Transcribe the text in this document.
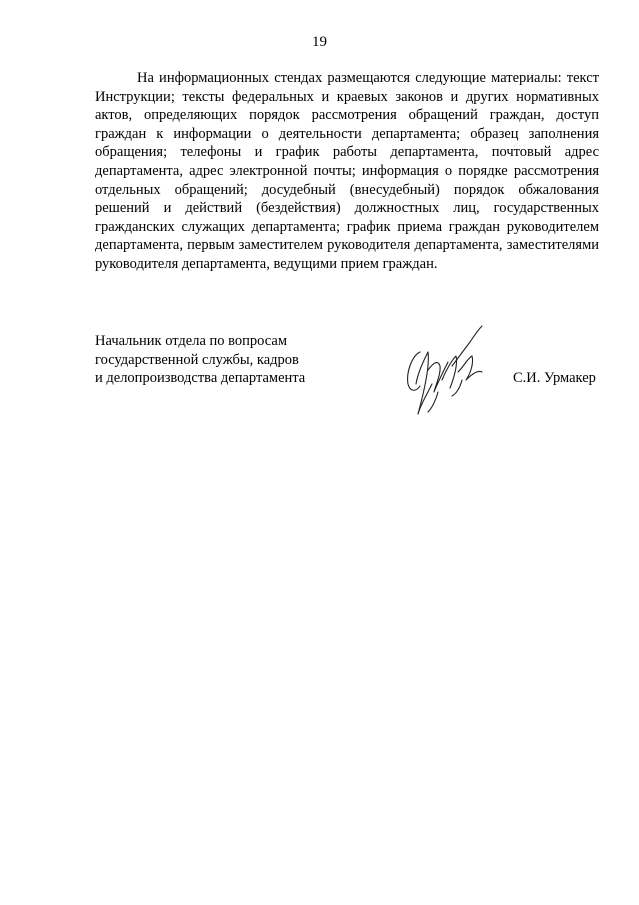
19

На информационных стендах размещаются следующие материалы: текст Инструкции; тексты федеральных и краевых законов и других нормативных актов, определяющих порядок рассмотрения обращений граждан, доступ граждан к информации о деятельности департамента; образец заполнения обращения; телефоны и график работы департамента, почтовый адрес департамента, адрес электронной почты; информация о порядке рассмотрения отдельных обращений; досудебный (внесудебный) порядок обжалования решений и действий (бездействия) должностных лиц, государственных гражданских служащих департамента; график приема граждан руководителем департамента, первым заместителем руководителя департамента, заместителями руководителя департамента, ведущими прием граждан.

Начальник отдела по вопросам
государственной службы, кадров
и делопроизводства департамента	С.И. Урмакер
